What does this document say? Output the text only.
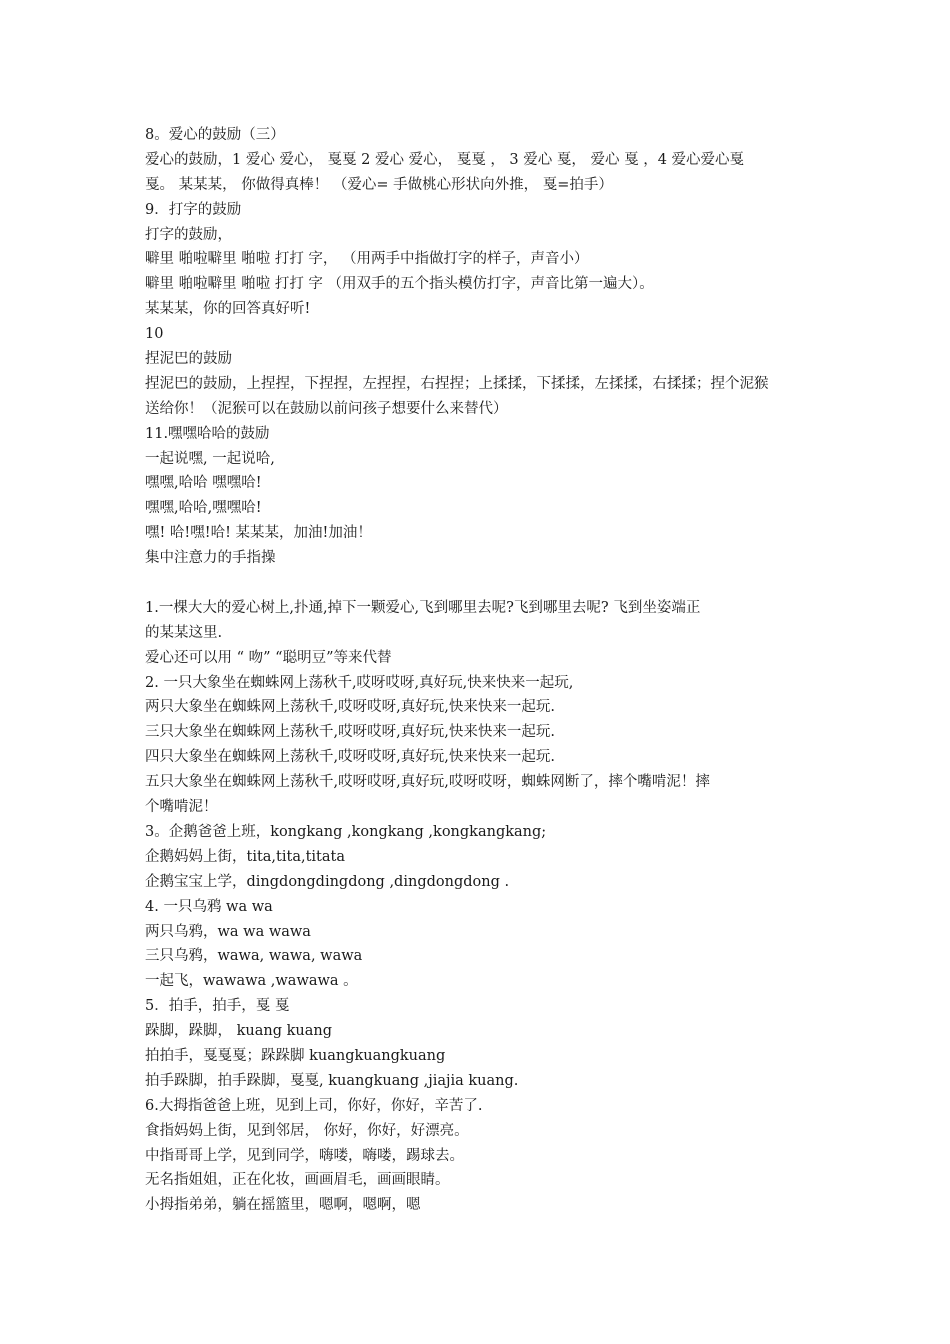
8。爱心的鼓励（三）
爱心的鼓励，1 爱心 爱心， 戛戛 2 爱心 爱心， 戛戛 ， 3 爱心 戛， 爱心 戛 ，4 爱心爱心戛
戛。 某某某， 你做得真棒！ （爱心= 手做桃心形状向外推， 戛=拍手）
9．打字的鼓励
打字的鼓励，
噼里 啪啦噼里 啪啦 打打 字， （用两手中指做打字的样子，声音小）
噼里 啪啦噼里 啪啦 打打 字 （用双手的五个指头模仿打字，声音比第一遍大）。
某某某，你的回答真好听!
10
捏泥巴的鼓励
捏泥巴的鼓励，上捏捏，下捏捏，左捏捏，右捏捏；上揉揉，下揉揉，左揉揉，右揉揉；捏个泥猴
送给你！（泥猴可以在鼓励以前问孩子想要什么来替代）
11.嘿嘿哈哈的鼓励
一起说嘿, 一起说哈,
嘿嘿,哈哈 嘿嘿哈!
嘿嘿,哈哈,嘿嘿哈!
嘿! 哈!嘿!哈! 某某某，加油!加油！
集中注意力的手指操
1.一棵大大的爱心树上,扑通,掉下一颗爱心,飞到哪里去呢?飞到哪里去呢? 飞到坐姿端正
的某某这里.
爱心还可以用 “ 吻” “聪明豆”等来代替
2. 一只大象坐在蜘蛛网上荡秋千,哎呀哎呀,真好玩,快来快来一起玩,
两只大象坐在蜘蛛网上荡秋千,哎呀哎呀,真好玩,快来快来一起玩.
三只大象坐在蜘蛛网上荡秋千,哎呀哎呀,真好玩,快来快来一起玩.
四只大象坐在蜘蛛网上荡秋千,哎呀哎呀,真好玩,快来快来一起玩.
五只大象坐在蜘蛛网上荡秋千,哎呀哎呀,真好玩,哎呀哎呀，蜘蛛网断了，摔个嘴啃泥！摔
个嘴啃泥！
3。企鹅爸爸上班，kongkang ,kongkang ,kongkangkang;
企鹅妈妈上街，tita,tita,titata
企鹅宝宝上学，dingdongdingdong ,dingdongdong .
4. 一只乌鸦 wa wa
两只乌鸦，wa wa wawa
三只乌鸦，wawa, wawa, wawa
一起飞，wawawa ,wawawa 。
5．拍手，拍手，戛 戛
跺脚，跺脚， kuang kuang
拍拍手，戛戛戛；跺跺脚 kuangkuangkuang
拍手跺脚，拍手跺脚，戛戛, kuangkuang ,jiajia kuang.
6.大拇指爸爸上班，见到上司，你好，你好，辛苦了.
食指妈妈上街，见到邻居， 你好，你好，好漂亮。
中指哥哥上学，见到同学，嗨喽，嗨喽，踢球去。
无名指姐姐，正在化妆，画画眉毛，画画眼睛。
小拇指弟弟，躺在摇篮里，嗯啊，嗯啊，嗯
